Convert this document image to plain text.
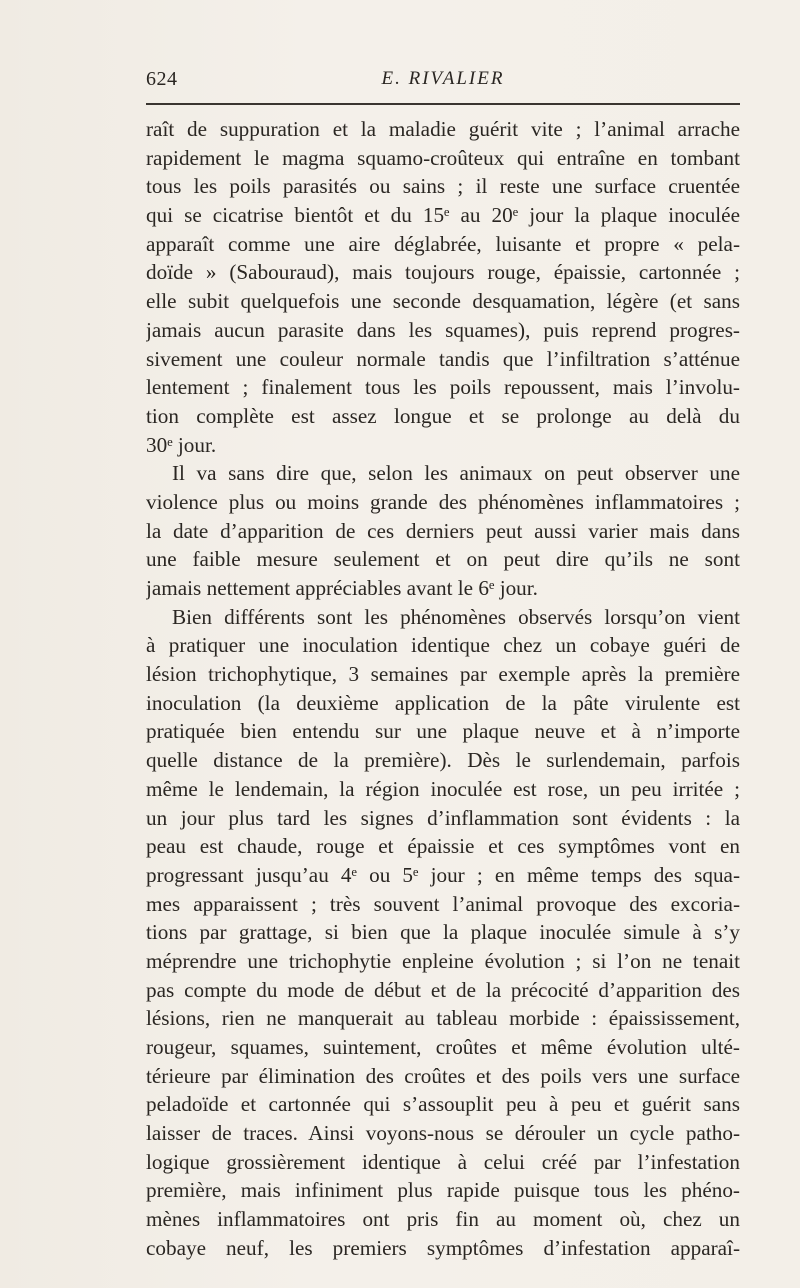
624	E. RIVALIER
raît de suppuration et la maladie guérit vite ; l’animal arrache
rapidement le magma squamo-croûteux qui entraîne en tombant
tous les poils parasités ou sains ; il reste une surface cruentée
qui se cicatrise bientôt et du 15ᵉ au 20ᵉ jour la plaque inoculée
apparaît comme une aire déglabrée, luisante et propre « pela-
doïde » (Sabouraud), mais toujours rouge, épaissie, cartonnée ;
elle subit quelquefois une seconde desquamation, légère (et sans
jamais aucun parasite dans les squames), puis reprend progres-
sivement une couleur normale tandis que l’infiltration s’atténue
lentement ; finalement tous les poils repoussent, mais l’involu-
tion complète est assez longue et se prolonge au delà du
30ᵉ jour.
Il va sans dire que, selon les animaux on peut observer une
violence plus ou moins grande des phénomènes inflammatoires ;
la date d’apparition de ces derniers peut aussi varier mais dans
une faible mesure seulement et on peut dire qu’ils ne sont
jamais nettement appréciables avant le 6ᵉ jour.
Bien différents sont les phénomènes observés lorsqu’on vient
à pratiquer une inoculation identique chez un cobaye guéri de
lésion trichophytique, 3 semaines par exemple après la première
inoculation (la deuxième application de la pâte virulente est
pratiquée bien entendu sur une plaque neuve et à n’importe
quelle distance de la première). Dès le surlendemain, parfois
même le lendemain, la région inoculée est rose, un peu irritée ;
un jour plus tard les signes d’inflammation sont évidents : la
peau est chaude, rouge et épaissie et ces symptômes vont en
progressant jusqu’au 4ᵉ ou 5ᵉ jour ; en même temps des squa-
mes apparaissent ; très souvent l’animal provoque des excoria-
tions par grattage, si bien que la plaque inoculée simule à s’y
méprendre une trichophytie enpleine évolution ; si l’on ne tenait
pas compte du mode de début et de la précocité d’apparition des
lésions, rien ne manquerait au tableau morbide : épaississement,
rougeur, squames, suintement, croûtes et même évolution ulté-
térieure par élimination des croûtes et des poils vers une surface
peladoïde et cartonnée qui s’assouplit peu à peu et guérit sans
laisser de traces. Ainsi voyons-nous se dérouler un cycle patho-
logique grossièrement identique à celui créé par l’infestation
première, mais infiniment plus rapide puisque tous les phéno-
mènes inflammatoires ont pris fin au moment où, chez un
cobaye neuf, les premiers symptômes d’infestation apparaî-
